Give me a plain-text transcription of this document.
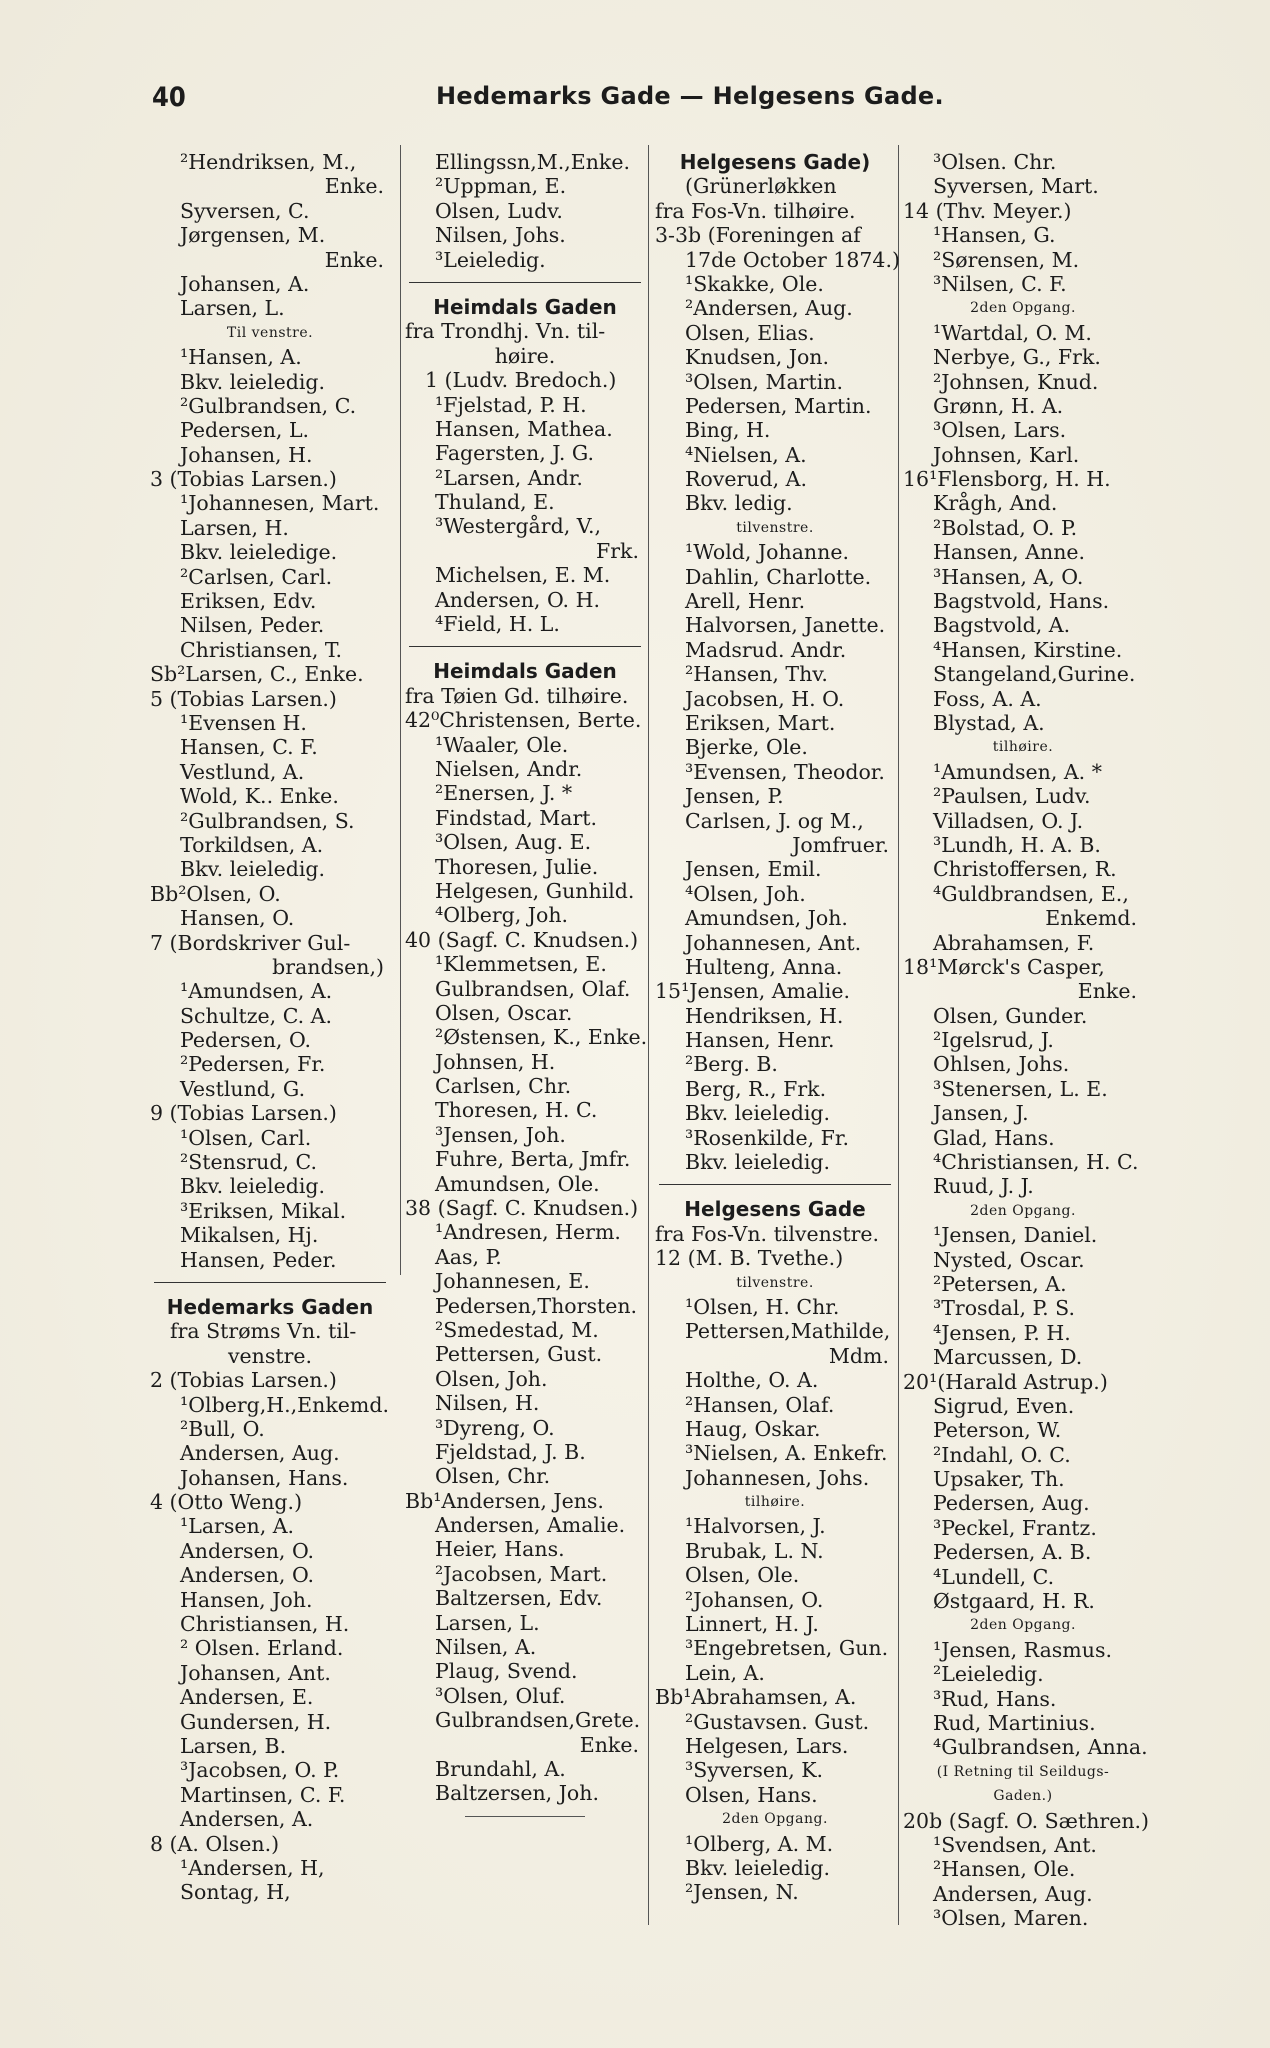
40	Hedemarks Gade — Helgesens Gade.
²Hendriksen, M.,
Enke.
Syversen, C.
Jørgensen, M.
Enke.
Johansen, A.
Larsen, L.
Til venstre.
¹Hansen, A.
Bkv. leieledig.
²Gulbrandsen, C.
Pedersen, L.
Johansen, H.
3 (Tobias Larsen.)
¹Johannesen, Mart.
Larsen, H.
Bkv. leieledige.
²Carlsen, Carl.
Eriksen, Edv.
Nilsen, Peder.
Christiansen, T.
Sb²Larsen, C., Enke.
5 (Tobias Larsen.)
¹Evensen H.
Hansen, C. F.
Vestlund, A.
Wold, K.. Enke.
²Gulbrandsen, S.
Torkildsen, A.
Bkv. leieledig.
Bb²Olsen, O.
Hansen, O.
7 (Bordskriver Gul-
brandsen,)
¹Amundsen, A.
Schultze, C. A.
Pedersen, O.
²Pedersen, Fr.
Vestlund, G.
9 (Tobias Larsen.)
¹Olsen, Carl.
²Stensrud, C.
Bkv. leieledig.
³Eriksen, Mikal.
Mikalsen, Hj.
Hansen, Peder.
Hedemarks Gaden
fra Strøms Vn. til-
venstre.
2 (Tobias Larsen.)
¹Olberg,H.,Enkemd.
²Bull, O.
Andersen, Aug.
Johansen, Hans.
4 (Otto Weng.)
¹Larsen, A.
Andersen, O.
Andersen, O.
Hansen, Joh.
Christiansen, H.
² Olsen. Erland.
Johansen, Ant.
Andersen, E.
Gundersen, H.
Larsen, B.
³Jacobsen, O. P.
Martinsen, C. F.
Andersen, A.
8 (A. Olsen.)
¹Andersen, H,
Sontag, H,
Ellingssn,M.,Enke.
²Uppman, E.
Olsen, Ludv.
Nilsen, Johs.
³Leieledig.
Heimdals Gaden
fra Trondhj. Vn. til-
høire.
1 (Ludv. Bredoch.)
¹Fjelstad, P. H.
Hansen, Mathea.
Fagersten, J. G.
²Larsen, Andr.
Thuland, E.
³Westergård, V.,
Frk.
Michelsen, E. M.
Andersen, O. H.
⁴Field, H. L.
Heimdals Gaden
fra Tøien Gd. tilhøire.
42⁰Christensen, Berte.
¹Waaler, Ole.
Nielsen, Andr.
²Enersen, J. *
Findstad, Mart.
³Olsen, Aug. E.
Thoresen, Julie.
Helgesen, Gunhild.
⁴Olberg, Joh.
40 (Sagf. C. Knudsen.)
¹Klemmetsen, E.
Gulbrandsen, Olaf.
Olsen, Oscar.
²Østensen, K., Enke.
Johnsen, H.
Carlsen, Chr.
Thoresen, H. C.
³Jensen, Joh.
Fuhre, Berta, Jmfr.
Amundsen, Ole.
38 (Sagf. C. Knudsen.)
¹Andresen, Herm.
Aas, P.
Johannesen, E.
Pedersen,Thorsten.
²Smedestad, M.
Pettersen, Gust.
Olsen, Joh.
Nilsen, H.
³Dyreng, O.
Fjeldstad, J. B.
Olsen, Chr.
Bb¹Andersen, Jens.
Andersen, Amalie.
Heier, Hans.
²Jacobsen, Mart.
Baltzersen, Edv.
Larsen, L.
Nilsen, A.
Plaug, Svend.
³Olsen, Oluf.
Gulbrandsen,Grete.
Enke.
Brundahl, A.
Baltzersen, Joh.
Helgesens Gade)
(Grünerløkken
fra Fos-Vn. tilhøire.
3-3b (Foreningen af
17de October 1874.)
¹Skakke, Ole.
²Andersen, Aug.
Olsen, Elias.
Knudsen, Jon.
³Olsen, Martin.
Pedersen, Martin.
Bing, H.
⁴Nielsen, A.
Roverud, A.
Bkv. ledig.
tilvenstre.
¹Wold, Johanne.
Dahlin, Charlotte.
Arell, Henr.
Halvorsen, Janette.
Madsrud. Andr.
²Hansen, Thv.
Jacobsen, H. O.
Eriksen, Mart.
Bjerke, Ole.
³Evensen, Theodor.
Jensen, P.
Carlsen, J. og M.,
Jomfruer.
Jensen, Emil.
⁴Olsen, Joh.
Amundsen, Joh.
Johannesen, Ant.
Hulteng, Anna.
15¹Jensen, Amalie.
Hendriksen, H.
Hansen, Henr.
²Berg. B.
Berg, R., Frk.
Bkv. leieledig.
³Rosenkilde, Fr.
Bkv. leieledig.
Helgesens Gade
fra Fos-Vn. tilvenstre.
12 (M. B. Tvethe.)
tilvenstre.
¹Olsen, H. Chr.
Pettersen,Mathilde,
Mdm.
Holthe, O. A.
²Hansen, Olaf.
Haug, Oskar.
³Nielsen, A. Enkefr.
Johannesen, Johs.
tilhøire.
¹Halvorsen, J.
Brubak, L. N.
Olsen, Ole.
²Johansen, O.
Linnert, H. J.
³Engebretsen, Gun.
Lein, A.
Bb¹Abrahamsen, A.
²Gustavsen. Gust.
Helgesen, Lars.
³Syversen, K.
Olsen, Hans.
2den Opgang.
¹Olberg, A. M.
Bkv. leieledig.
²Jensen, N.
³Olsen. Chr.
Syversen, Mart.
14 (Thv. Meyer.)
¹Hansen, G.
²Sørensen, M.
³Nilsen, C. F.
2den Opgang.
¹Wartdal, O. M.
Nerbye, G., Frk.
²Johnsen, Knud.
Grønn, H. A.
³Olsen, Lars.
Johnsen, Karl.
16¹Flensborg, H. H.
Krågh, And.
²Bolstad, O. P.
Hansen, Anne.
³Hansen, A, O.
Bagstvold, Hans.
Bagstvold, A.
⁴Hansen, Kirstine.
Stangeland,Gurine.
Foss, A. A.
Blystad, A.
tilhøire.
¹Amundsen, A. *
²Paulsen, Ludv.
Villadsen, O. J.
³Lundh, H. A. B.
Christoffersen, R.
⁴Guldbrandsen, E.,
Enkemd.
Abrahamsen, F.
18¹Mørck's Casper,
Enke.
Olsen, Gunder.
²Igelsrud, J.
Ohlsen, Johs.
³Stenersen, L. E.
Jansen, J.
Glad, Hans.
⁴Christiansen, H. C.
Ruud, J. J.
2den Opgang.
¹Jensen, Daniel.
Nysted, Oscar.
²Petersen, A.
³Trosdal, P. S.
⁴Jensen, P. H.
Marcussen, D.
20¹(Harald Astrup.)
Sigrud, Even.
Peterson, W.
²Indahl, O. C.
Upsaker, Th.
Pedersen, Aug.
³Peckel, Frantz.
Pedersen, A. B.
⁴Lundell, C.
Østgaard, H. R.
2den Opgang.
¹Jensen, Rasmus.
²Leieledig.
³Rud, Hans.
Rud, Martinius.
⁴Gulbrandsen, Anna.
(I Retning til Seildugs-
Gaden.)
20b (Sagf. O. Sæthren.)
¹Svendsen, Ant.
²Hansen, Ole.
Andersen, Aug.
³Olsen, Maren.
